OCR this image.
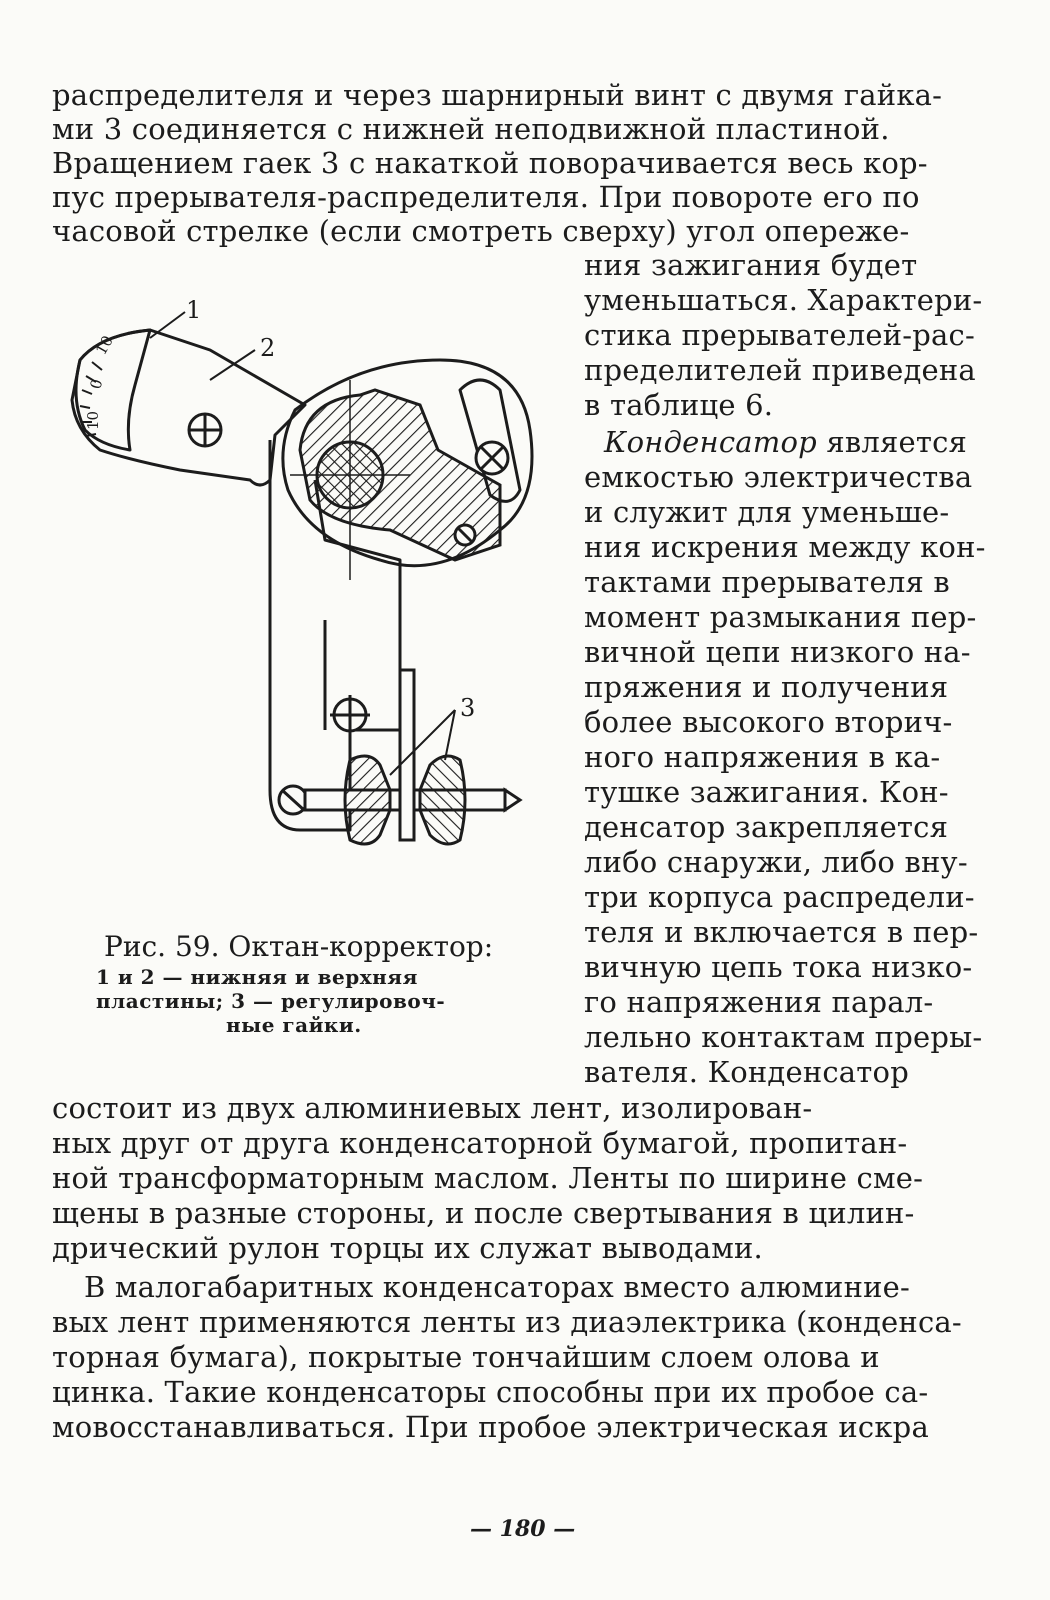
распределителя и через шарнирный винт с двумя гайка-
ми 3 соединяется с нижней неподвижной пластиной.
Вращением гаек 3 с накаткой поворачивается весь кор-
пус прерывателя-распределителя. При повороте его по
часовой стрелке (если смотреть сверху) угол опереже-
ния зажигания будет
уменьшаться. Характери-
стика прерывателей-рас-
пределителей приведена
в таблице 6.
Конденсатор является
емкостью электричества
и служит для уменьше-
ния искрения между кон-
тактами прерывателя в
момент размыкания пер-
вичной цепи низкого на-
пряжения и получения
более высокого вторич-
ного напряжения в ка-
тушке зажигания. Кон-
денсатор закрепляется
либо снаружи, либо вну-
три корпуса распредели-
теля и включается в пер-
вичную цепь тока низко-
го напряжения парал-
лельно контактам преры-
вателя. Конденсатор
состоит из двух алюминиевых лент, изолирован-
ных друг от друга конденсаторной бумагой, пропитан-
ной трансформаторным маслом. Ленты по ширине сме-
щены в разные стороны, и после свертывания в цилин-
дрический рулон торцы их служат выводами.
В малогабаритных конденсаторах вместо алюминие-
вых лент применяются ленты из диаэлектрика (конденса-
торная бумага), покрытые тончайшим слоем олова и
цинка. Такие конденсаторы способны при их пробое са-
мовосстанавливаться. При пробое электрическая искра
10
0
10
1
2
3
Рис. 59. Октан-корректор:
1 и 2 — нижняя и верхняя
пластины; 3 — регулировоч-
ные гайки.
— 180 —
